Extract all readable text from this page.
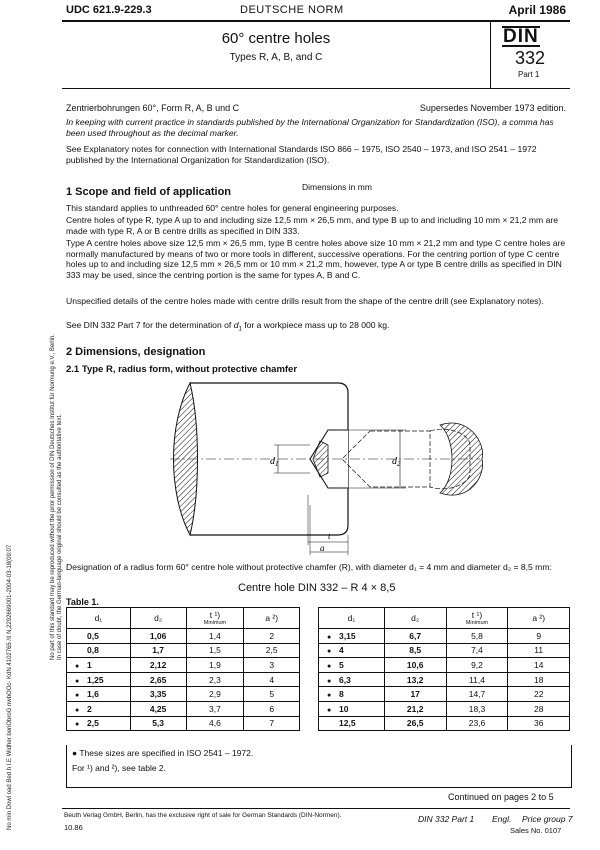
UDC 621.9-229.3	DEUTSCHE NORM	April 1986
60° centre holes
Types R, A, B, and C
DIN
332
Part 1
Zentrierbohrungen 60°, Form R, A, B und C	Supersedes November 1973 edition.
In keeping with current practice in standards published by the International Organization for Standardization (ISO), a comma has been used throughout as the decimal marker.
See Explanatory notes for connection with International Standards ISO 866 – 1975, ISO 2540 – 1973, and ISO 2541 – 1972 published by the International Organization for Standardization (ISO).
Dimensions in mm
1 Scope and field of application
This standard applies to unthreaded 60° centre holes for general engineering purposes.
Centre holes of type R, type A up to and including size 12,5 mm × 26,5 mm, and type B up to and including 10 mm × 21,2 mm are made with type R, A or B centre drills as specified in DIN 333.
Type A centre holes above size 12,5 mm × 26,5 mm, type B centre holes above size 10 mm × 21,2 mm and type C centre holes are normally manufactured by means of two or more tools in different, successive operations. For the centring portion of type C centre holes up to and including size 12,5 mm × 26,5 mm or 10 mm × 21,2 mm, however, type A or type B centre drills as specified in DIN 333 may be used, since the centring portion is the same for types A, B and C.
Unspecified details of the centre holes made with centre drills result from the shape of the centre drill (see Explanatory notes).
See DIN 332 Part 7 for the determination of $d_1$ for a workpiece mass up to 28 000 kg.
2 Dimensions, designation
2.1 Type R, radius form, without protective chamfer
$d_1$	$d_2$
t
a
Designation of a radius form 60° centre hole without protective chamfer (R), with diameter d₁ = 4 mm and diameter d₂ = 8,5 mm:
Centre hole DIN 332 – R 4 × 8,5
Table 1.
d₁	d₂	t ¹)
Minimum	a ²)
0,5	1,06	1,4	2
0,8	1,7	1,5	2,5
● 1	2,12	1,9	3
● 1,25	2,65	2,3	4
● 1,6	3,35	2,9	5
● 2	4,25	3,7	6
● 2,5	5,3	4,6	7
d₁	d₂	t ¹)
Minimum	a ²)
● 3,15	6,7	5,8	9
● 4	8,5	7,4	11
● 5	10,6	9,2	14
● 6,3	13,2	11,4	18
● 8	17	14,7	22
● 10	21,2	18,3	28
12,5	26,5	23,6	36
● These sizes are specified in ISO 2541 – 1972.
For ¹) and ²), see table 2.
Continued on pages 2 to 5
Beuth Verlag GmbH, Berlin, has the exclusive right of sale for German Standards (DIN-Normen).
10.86
DIN 332 Part 1 Engl. Price group 7
Sales No. 0107
No part of this standard may be reproduced without the prior permission of DIN Deutsches Institut für Normung e.V., Berlin. In case of doubt, the German-language original should be consulted as the authoritative text.
No min Dowl oad Bed h I.E Widher beriObroG nwbOOc- KdN 4102765 /II N,2292669001-2004-03-18(09:07
